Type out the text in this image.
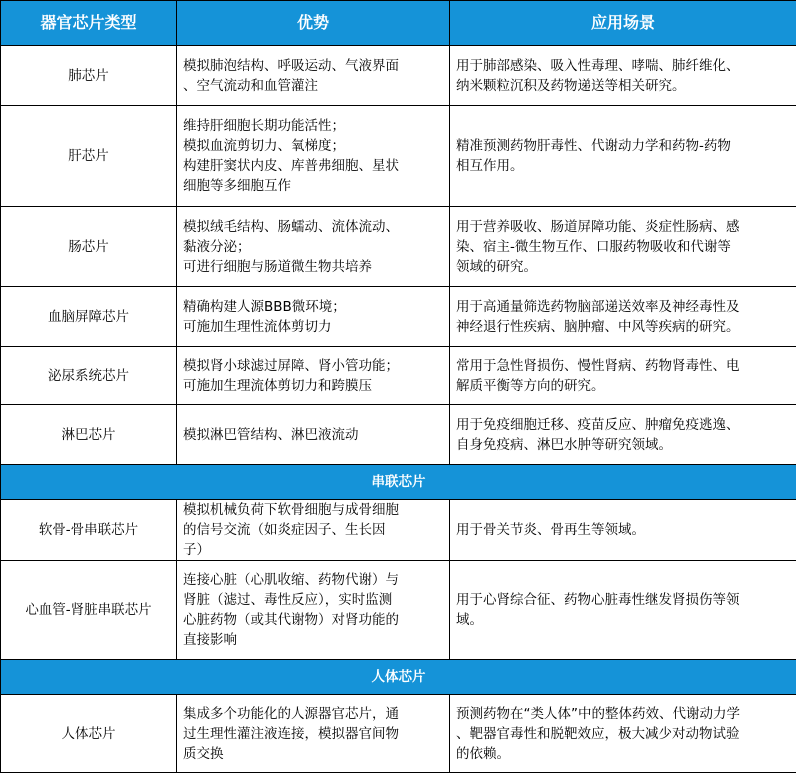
器官芯片类型	优势	应用场景
肺芯片	模拟肺泡结构、呼吸运动、气液界面
、空气流动和血管灌注	用于肺部感染、吸入性毒理、哮喘、肺纤维化、
纳米颗粒沉积及药物递送等相关研究。

肝芯片	维持肝细胞长期功能活性；
模拟血流剪切力、氧梯度；
构建肝窦状内皮、库普弗细胞、星状
细胞等多细胞互作	精准预测药物肝毒性、代谢动力学和药物-药物
相互作用。

肠芯片	模拟绒毛结构、肠蠕动、流体流动、
黏液分泌；
可进行细胞与肠道微生物共培养	用于营养吸收、肠道屏障功能、炎症性肠病、感
染、宿主-微生物互作、口服药物吸收和代谢等
领域的研究。

血脑屏障芯片	精确构建人源BBB微环境；
可施加生理性流体剪切力	用于高通量筛选药物脑部递送效率及神经毒性及
神经退行性疾病、脑肿瘤、中风等疾病的研究。

泌尿系统芯片	模拟肾小球滤过屏障、肾小管功能；
可施加生理流体剪切力和跨膜压	常用于急性肾损伤、慢性肾病、药物肾毒性、电
解质平衡等方向的研究。

淋巴芯片	模拟淋巴管结构、淋巴液流动	用于免疫细胞迁移、疫苗反应、肿瘤免疫逃逸、
自身免疫病、淋巴水肿等研究领域。

串联芯片		
软骨-骨串联芯片	模拟机械负荷下软骨细胞与成骨细胞
的信号交流（如炎症因子、生长因
子）	用于骨关节炎、骨再生等领域。

心血管-肾脏串联芯片	连接心脏（心肌收缩、药物代谢）与
肾脏（滤过、毒性反应），实时监测
心脏药物（或其代谢物）对肾功能的
直接影响	用于心肾综合征、药物心脏毒性继发肾损伤等领
域。

人体芯片		
人体芯片	集成多个功能化的人源器官芯片，通
过生理性灌注液连接，模拟器官间物
质交换	预测药物在“类人体”中的整体药效、代谢动力学
、靶器官毒性和脱靶效应，极大减少对动物试验
的依赖。
